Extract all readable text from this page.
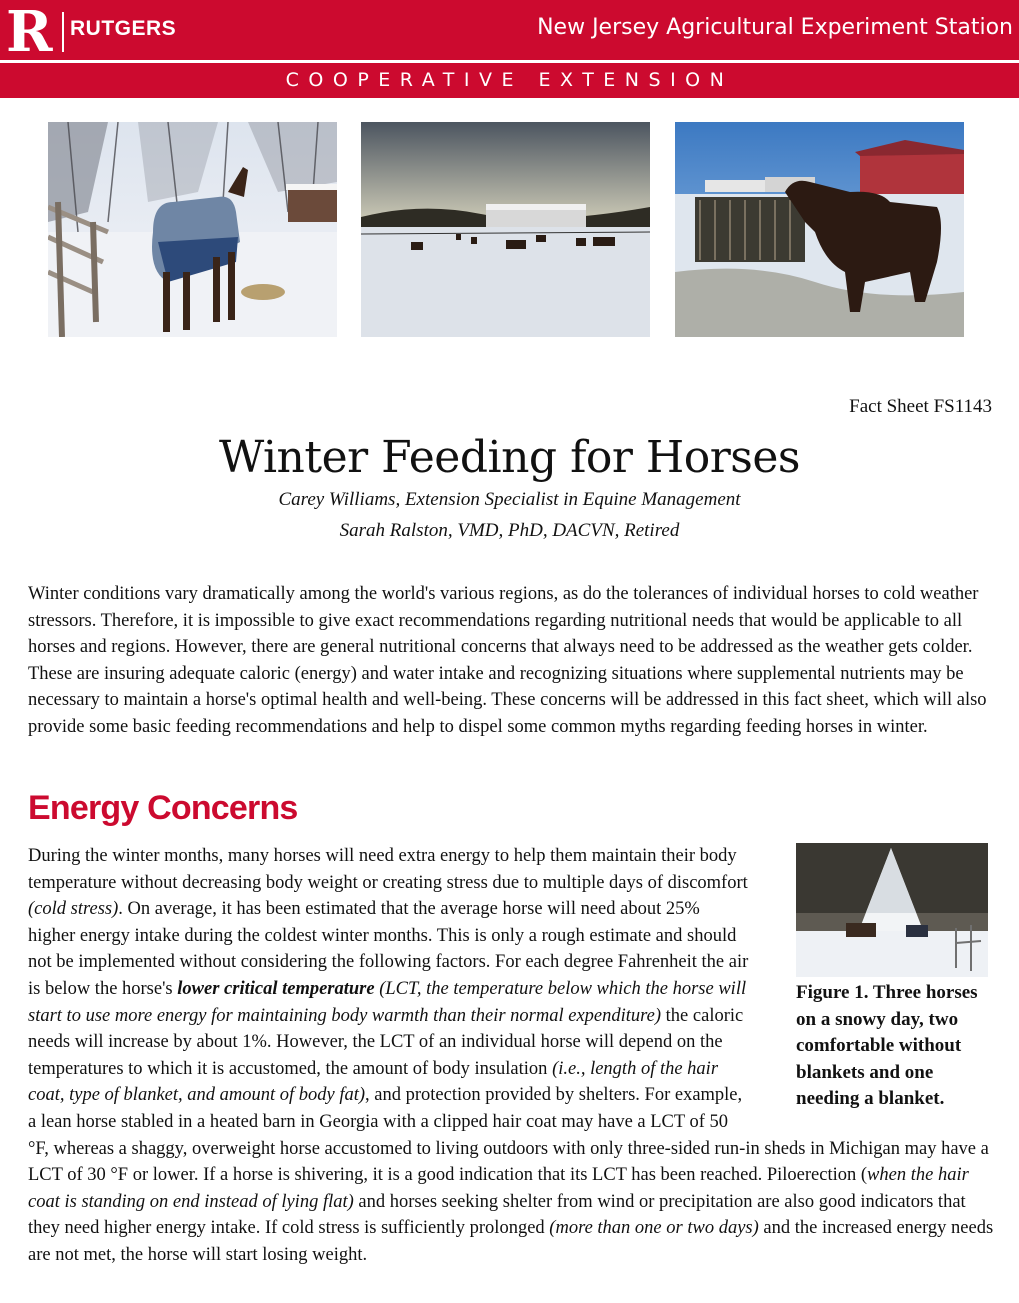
R RUTGERS	New Jersey Agricultural Experiment Station
COOPERATIVE EXTENSION
Fact Sheet FS1143
Winter Feeding for Horses
Carey Williams, Extension Specialist in Equine Management
Sarah Ralston, VMD, PhD, DACVN, Retired

Winter conditions vary dramatically among the world's various regions, as do the tolerances of individual horses to cold weather stressors. Therefore, it is impossible to give exact recommendations regarding nutritional needs that would be applicable to all horses and regions. However, there are general nutritional concerns that always need to be addressed as the weather gets colder. These are insuring adequate caloric (energy) and water intake and recognizing situations where supplemental nutrients may be necessary to maintain a horse's optimal health and well-being. These concerns will be addressed in this fact sheet, which will also provide some basic feeding recommendations and help to dispel some common myths regarding feeding horses in winter.

Energy Concerns

Figure 1. Three horses on a snowy day, two comfortable without blankets and one needing a blanket.

During the winter months, many horses will need extra energy to help them maintain their body temperature without decreasing body weight or creating stress due to multiple days of discomfort (cold stress). On average, it has been estimated that the average horse will need about 25% higher energy intake during the coldest winter months. This is only a rough estimate and should not be implemented without considering the following factors. For each degree Fahrenheit the air is below the horse's lower critical temperature (LCT, the temperature below which the horse will start to use more energy for maintaining body warmth than their normal expenditure) the caloric needs will increase by about 1%. However, the LCT of an individual horse will depend on the temperatures to which it is accustomed, the amount of body insulation (i.e., length of the hair coat, type of blanket, and amount of body fat), and protection provided by shelters. For example, a lean horse stabled in a heated barn in Georgia with a clipped hair coat may have a LCT of 50 °F, whereas a shaggy, overweight horse accustomed to living outdoors with only three-sided run-in sheds in Michigan may have a LCT of 30 °F or lower. If a horse is shivering, it is a good indication that its LCT has been reached. Piloerection (when the hair coat is standing on end instead of lying flat) and horses seeking shelter from wind or precipitation are also good indicators that they need higher energy intake. If cold stress is sufficiently prolonged (more than one or two days) and the increased energy needs are not met, the horse will start losing weight.
